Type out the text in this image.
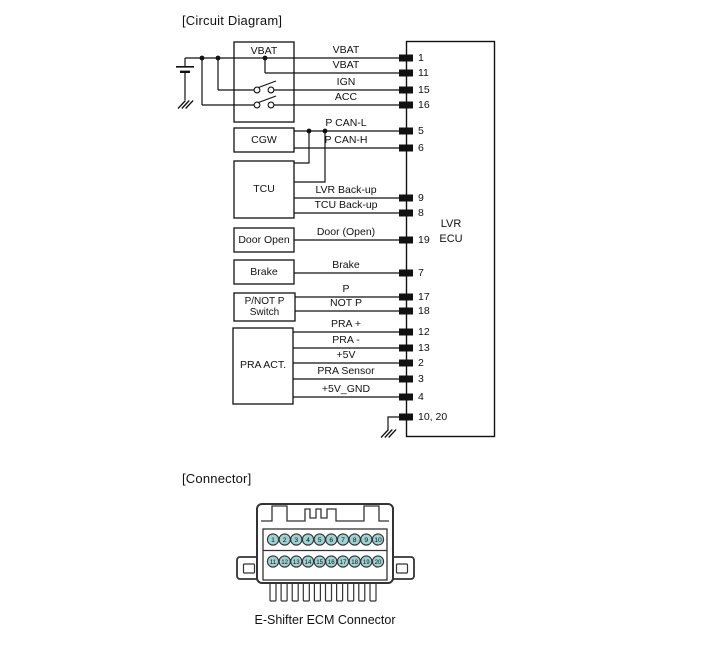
1 2 3 4 5 6 7 8 9 10
11 12 13 14 15 16 17 18 19 20
[Circuit Diagram]
[Connector]
E-Shifter ECM Connector
VBAT
CGW
TCU
Door Open
Brake
P/NOT P
Switch
PRA ACT.
LVR
ECU
VBAT
VBAT
IGN
ACC
P CAN-L
P CAN-H
LVR Back-up
TCU Back-up
Door (Open)
Brake
P
NOT P
PRA +
PRA -
+5V
PRA Sensor
+5V_GND
1
11
15
16
5
6
9
8
19
7
17
18
12
13
2
3
4
10, 20
